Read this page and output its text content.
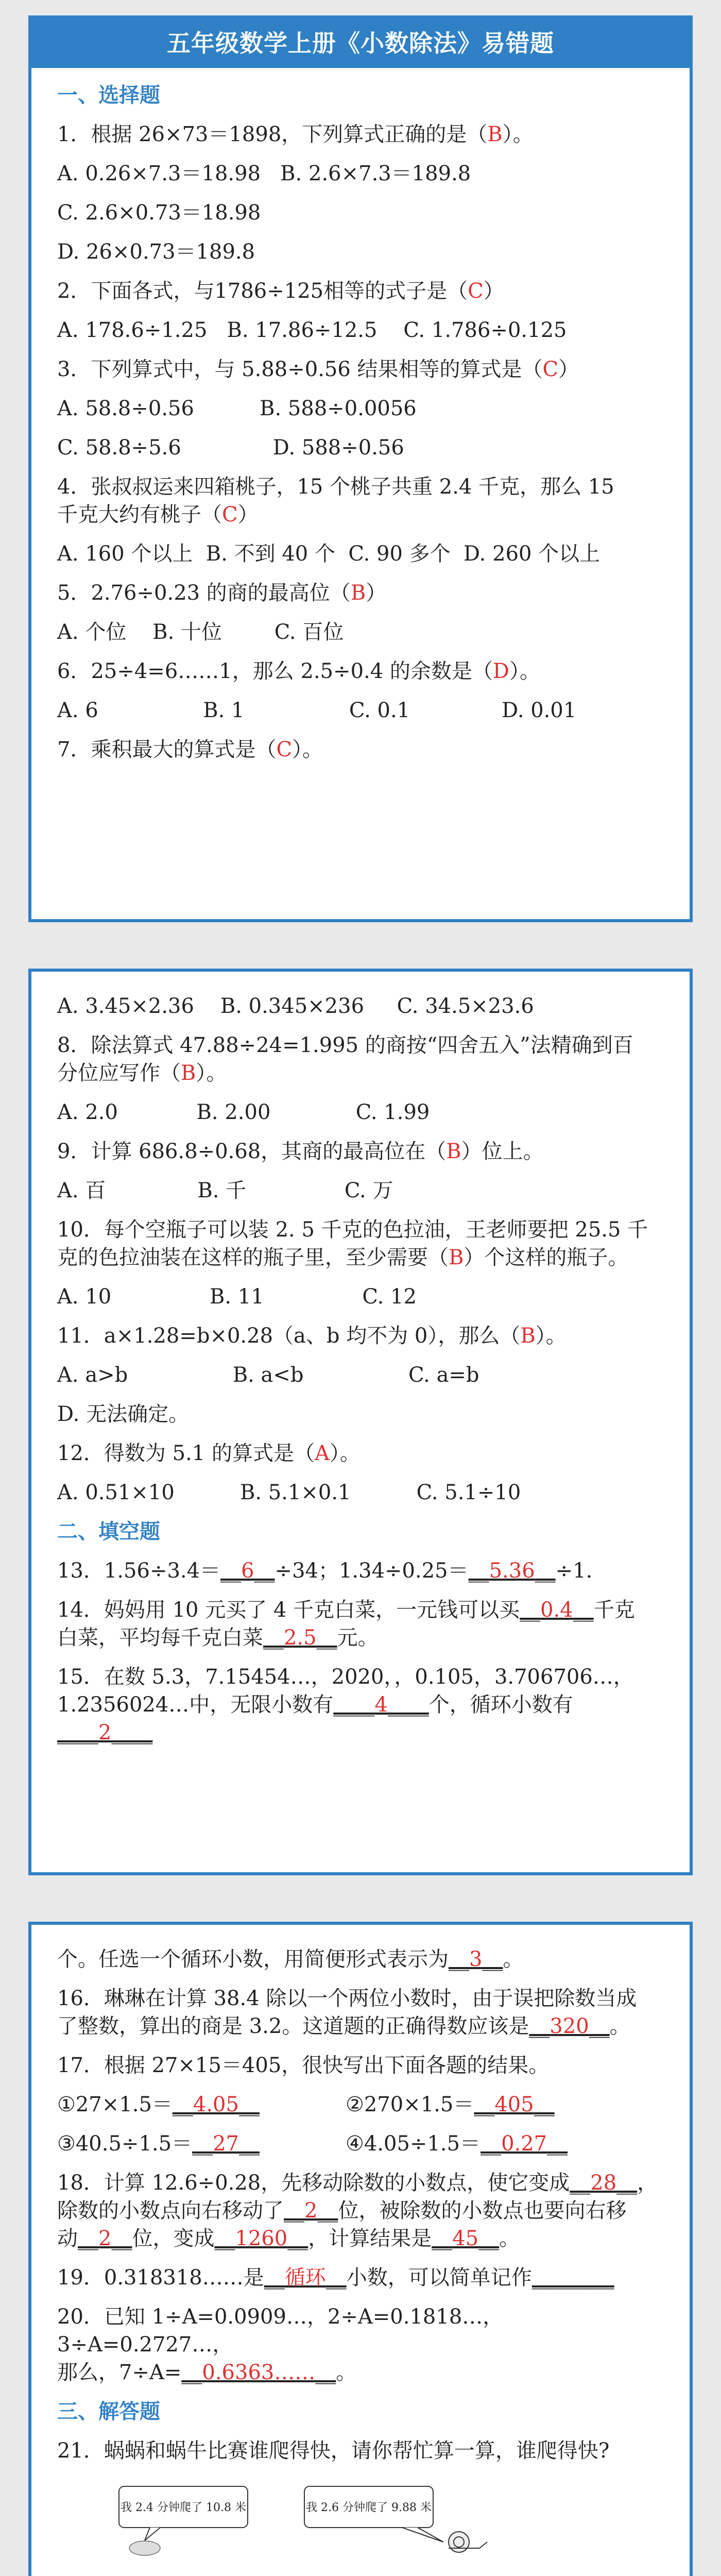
五年级数学上册《小数除法》易错题
一、选择题
1．根据 26×73＝1898，下列算式正确的是（B）。
A. 0.26×7.3＝18.98   B. 2.6×7.3＝189.8
C. 2.6×0.73＝18.98
D. 26×0.73＝189.8
2．下面各式，与1786÷125相等的式子是（C）
A. 178.6÷1.25   B. 17.86÷12.5    C. 1.786÷0.125
3．下列算式中，与 5.88÷0.56 结果相等的算式是（C）
A. 58.8÷0.56          B. 588÷0.0056
C. 58.8÷5.6              D. 588÷0.56
4．张叔叔运来四箱桃子，15 个桃子共重 2.4 千克，那么 15
千克大约有桃子（C）
A. 160 个以上  B. 不到 40 个  C. 90 多个  D. 260 个以上
5．2.76÷0.23 的商的最高位（B）
A. 个位    B. 十位        C. 百位
6．25÷4=6……1，那么 2.5÷0.4 的余数是（D）。
A. 6                B. 1                C. 0.1              D. 0.01
7．乘积最大的算式是（C）。
A. 3.45×2.36    B. 0.345×236     C. 34.5×23.6
8．除法算式 47.88÷24=1.995 的商按“四舍五入”法精确到百
分位应写作（B）。
A. 2.0            B. 2.00             C. 1.99
9．计算 686.8÷0.68，其商的最高位在（B）位上。
A. 百              B. 千               C. 万
10．每个空瓶子可以装 2. 5 千克的色拉油，王老师要把 25.5 千
克的色拉油装在这样的瓶子里，至少需要（B）个这样的瓶子。
A. 10               B. 11               C. 12
11．a×1.28=b×0.28（a、b 均不为 0），那么（B）。
A. a>b                B. a<b                C. a=b
D. 无法确定。
12．得数为 5.1 的算式是（A）。
A. 0.51×10          B. 5.1×0.1          C. 5.1÷10
二、填空题
13．1.56÷3.4＝__6__÷34；1.34÷0.25＝__5.36__÷1.
14．妈妈用 10 元买了 4 千克白菜，一元钱可以买__0.4__千克
白菜，平均每千克白菜__2.5__元。
15．在数 5.3，7.15454…，2020，，0.105，3.706706…，
1.2356024…中，无限小数有____4____个，循环小数有____2____
个。任选一个循环小数，用简便形式表示为__3__。
16．琳琳在计算 38.4 除以一个两位小数时，由于误把除数当成
了整数，算出的商是 3.2。这道题的正确得数应该是__320__。
17．根据 27×15＝405，很快写出下面各题的结果。
①27×1.5＝__4.05__	②270×1.5＝__405__
③40.5÷1.5＝__27__	④4.05÷1.5＝__0.27__
18．计算 12.6÷0.28，先移动除数的小数点，使它变成__28__，
除数的小数点向右移动了__2__位，被除数的小数点也要向右移
动__2__位，变成__1260__，计算结果是__45__。
19．0.318318……是__循环__小数，可以简单记作________
20．已知 1÷A=0.0909…，2÷A=0.1818…，3÷A=0.2727…，
那么，7÷A=__0.6363……__。
三、解答题
21．蜗蜗和蜗牛比赛谁爬得快，请你帮忙算一算，谁爬得快?
我 2.4 分钟爬了 10.8 米	我 2.6 分钟爬了 9.88 米
